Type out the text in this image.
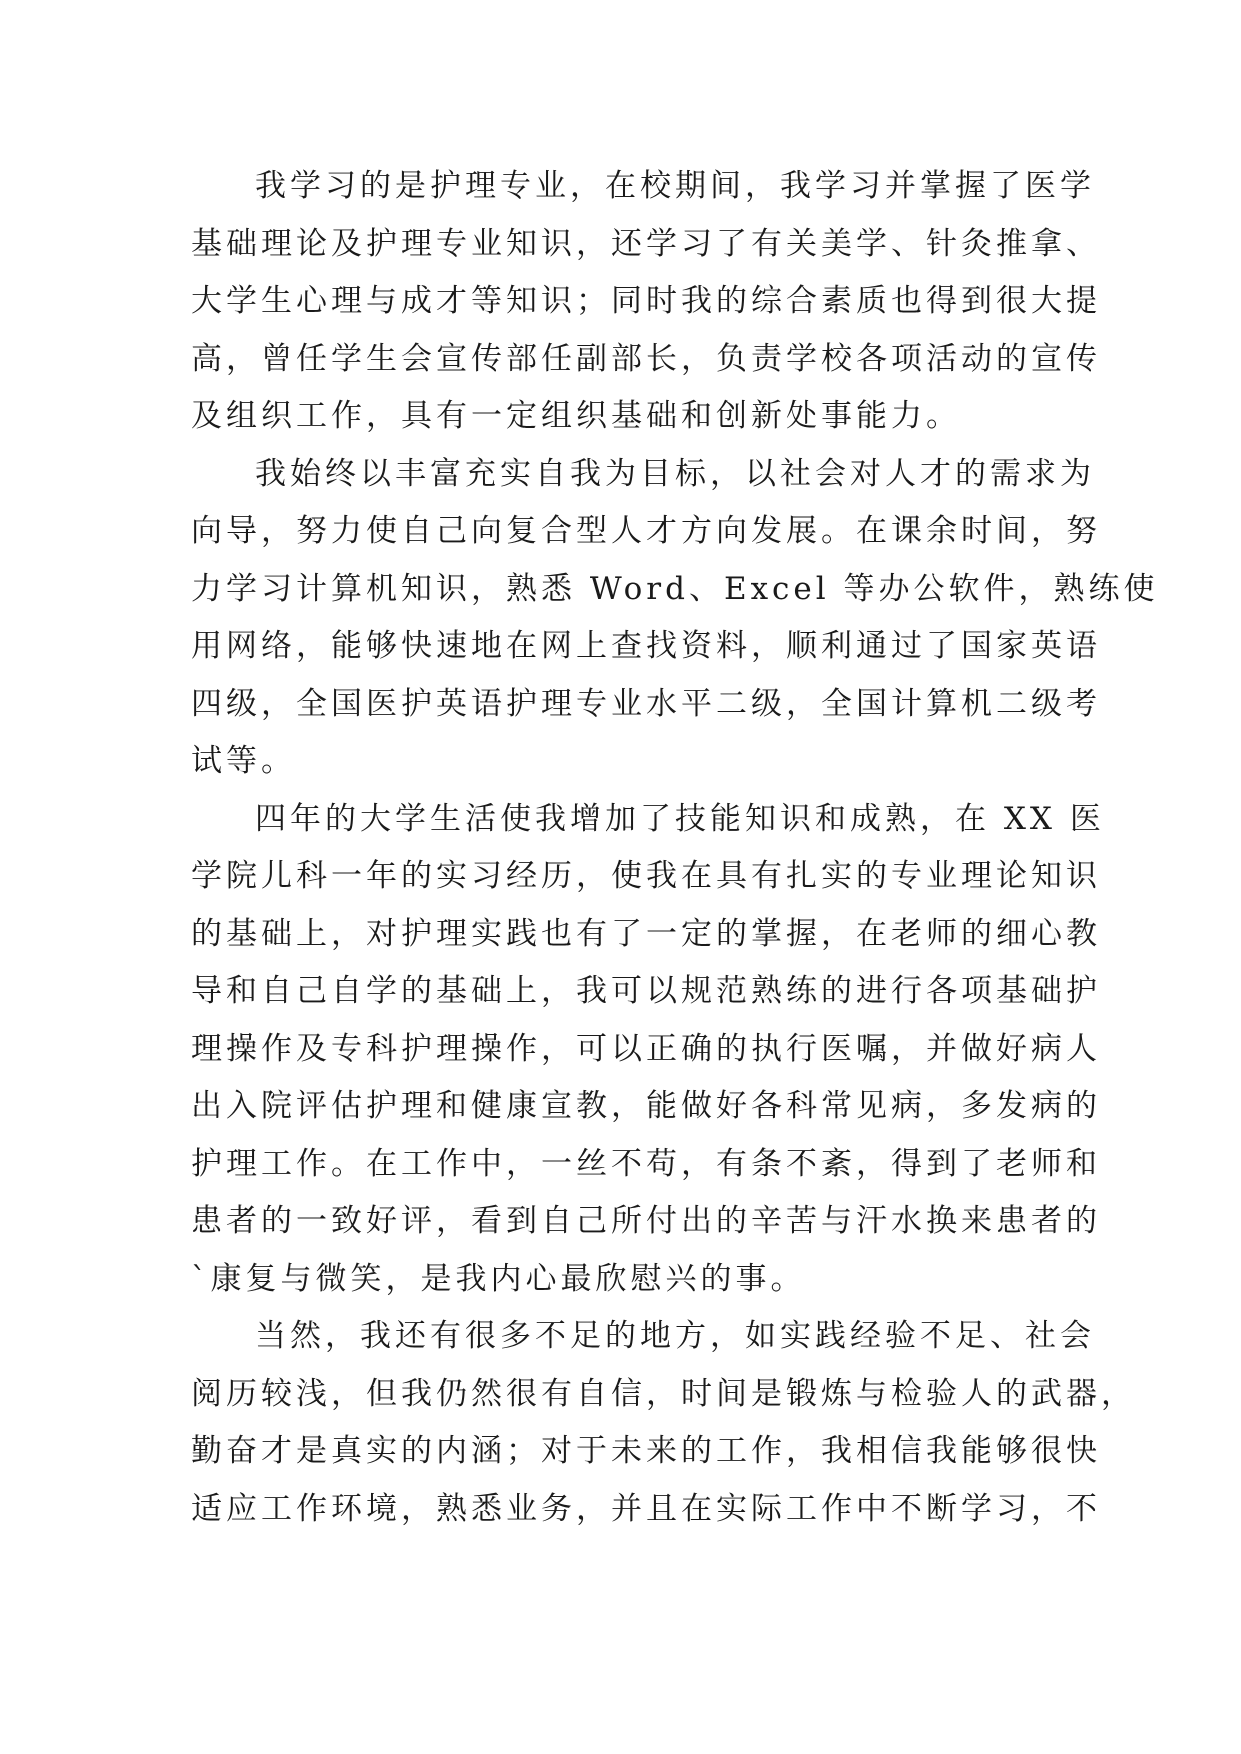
我学习的是护理专业，在校期间，我学习并掌握了医学
基础理论及护理专业知识，还学习了有关美学、针灸推拿、
大学生心理与成才等知识；同时我的综合素质也得到很大提
高，曾任学生会宣传部任副部长，负责学校各项活动的宣传
及组织工作，具有一定组织基础和创新处事能力。
我始终以丰富充实自我为目标，以社会对人才的需求为
向导，努力使自己向复合型人才方向发展。在课余时间，努
力学习计算机知识，熟悉 Word、Excel 等办公软件，熟练使
用网络，能够快速地在网上查找资料，顺利通过了国家英语
四级，全国医护英语护理专业水平二级，全国计算机二级考
试等。
四年的大学生活使我增加了技能知识和成熟，在 XX 医
学院儿科一年的实习经历，使我在具有扎实的专业理论知识
的基础上，对护理实践也有了一定的掌握，在老师的细心教
导和自己自学的基础上，我可以规范熟练的进行各项基础护
理操作及专科护理操作，可以正确的执行医嘱，并做好病人
出入院评估护理和健康宣教，能做好各科常见病，多发病的
护理工作。在工作中，一丝不苟，有条不紊，得到了老师和
患者的一致好评，看到自己所付出的辛苦与汗水换来患者的
`康复与微笑，是我内心最欣慰兴的事。
当然，我还有很多不足的地方，如实践经验不足、社会
阅历较浅，但我仍然很有自信，时间是锻炼与检验人的武器，
勤奋才是真实的内涵；对于未来的工作，我相信我能够很快
适应工作环境，熟悉业务，并且在实际工作中不断学习，不
